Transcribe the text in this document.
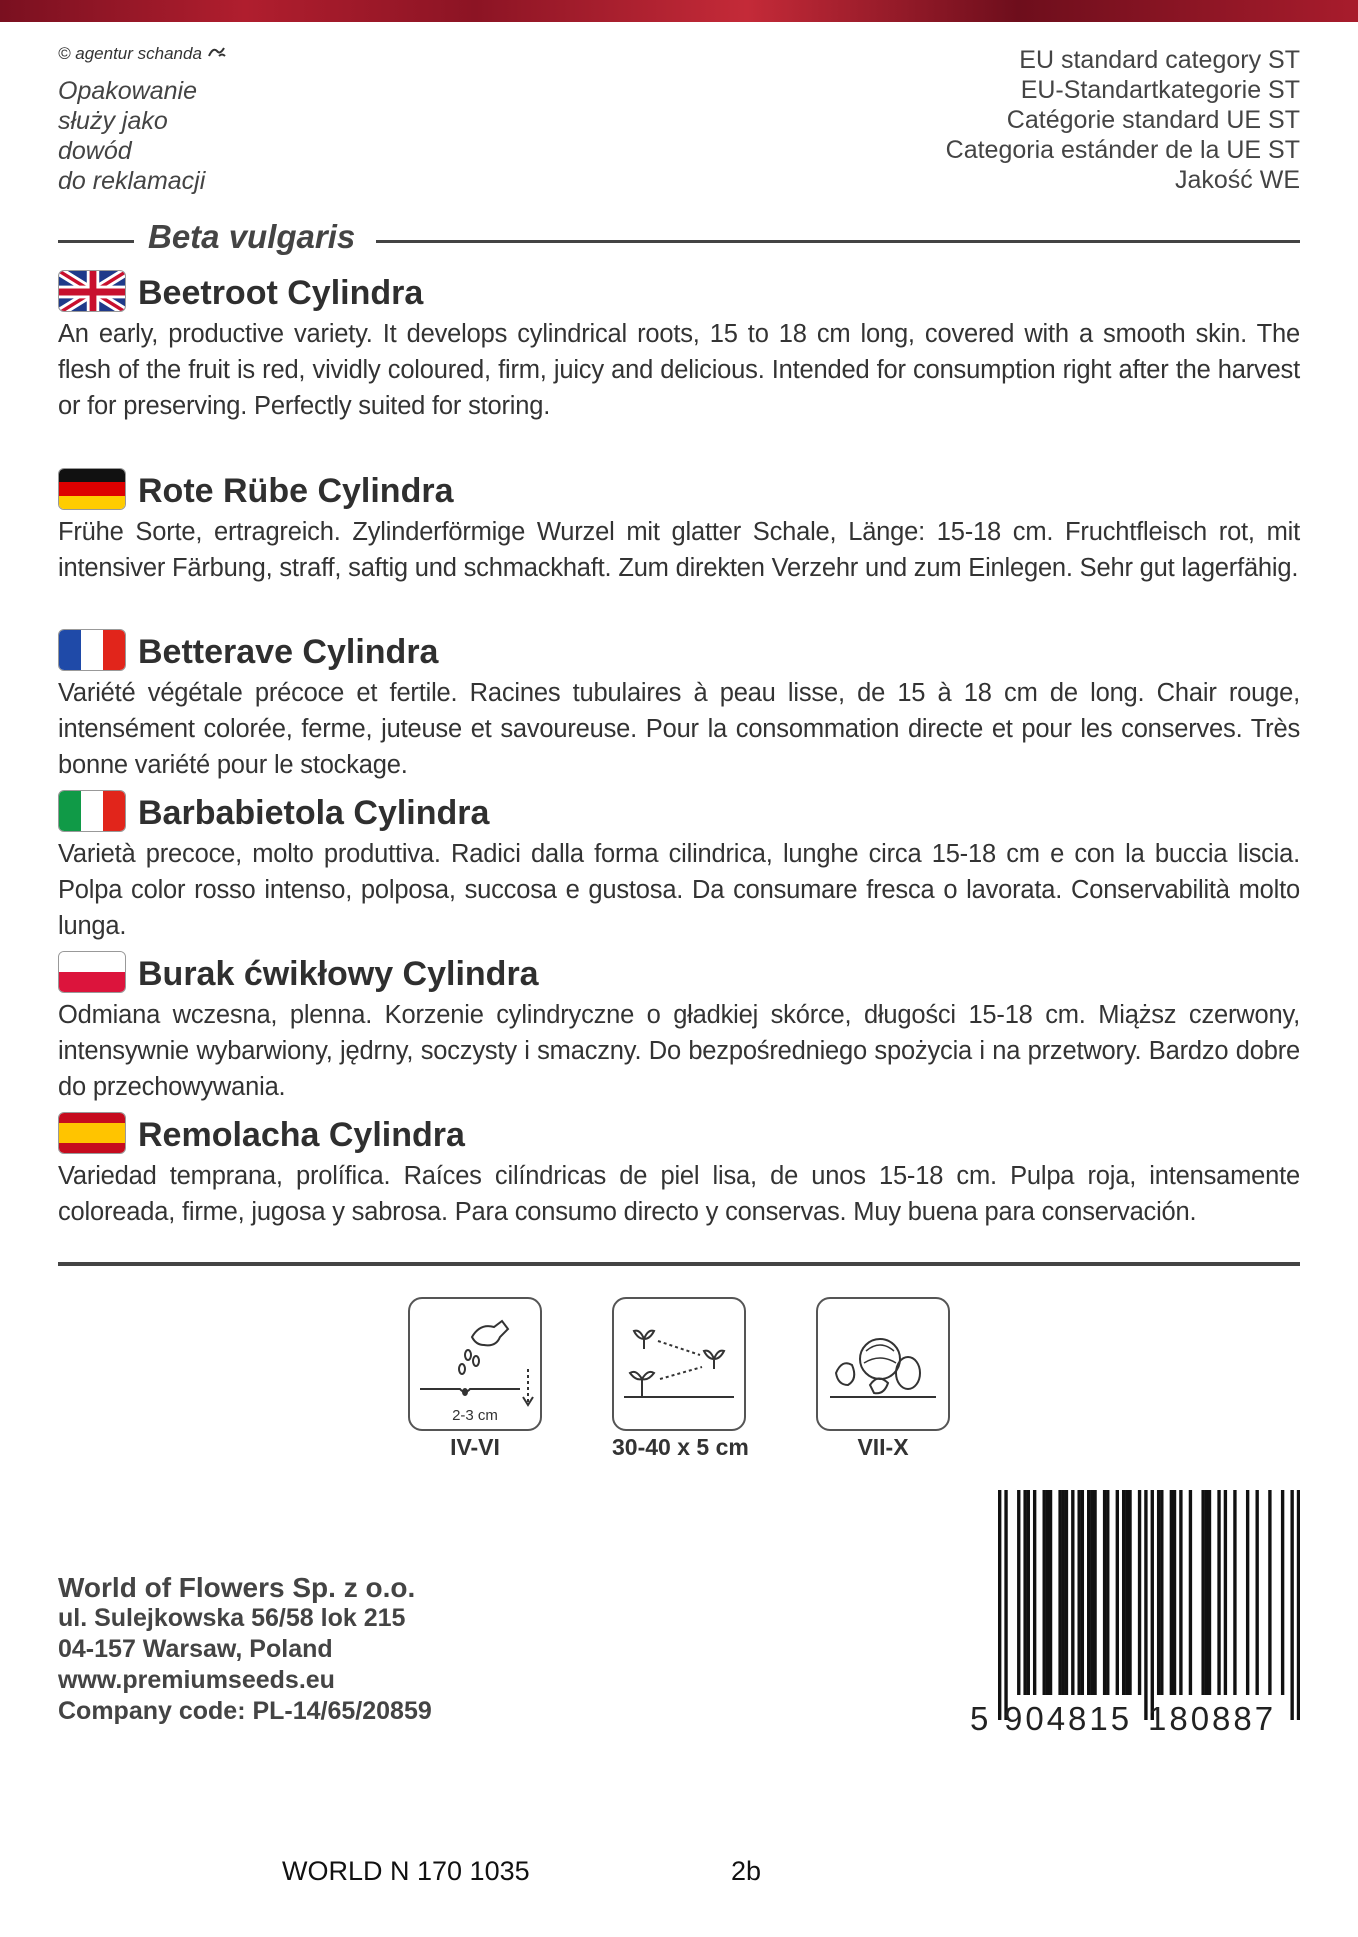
© agentur schanda
Opakowanie
służy jako
dowód
do reklamacji
EU standard category ST
EU-Standartkategorie ST
Catégorie standard UE ST
Categoria estánder de la UE ST
Jakość WE
Beta vulgaris
Beetroot Cylindra
An early, productive variety. It develops cylindrical roots, 15 to 18 cm long, covered with a smooth skin. The flesh of the fruit is red, vividly coloured, firm, juicy and delicious. Intended for consumption right after the harvest or for preserving. Perfectly suited for storing.
Rote Rübe Cylindra
Frühe Sorte, ertragreich. Zylinderförmige Wurzel mit glatter Schale, Länge: 15-18 cm. Fruchtfleisch rot, mit intensiver Färbung, straff, saftig und schmackhaft. Zum direkten Verzehr und zum Einlegen. Sehr gut lagerfähig.
Betterave Cylindra
Variété végétale précoce et fertile. Racines tubulaires à peau lisse, de 15 à 18 cm de long. Chair rouge, intensément colorée, ferme, juteuse et savoureuse. Pour la consommation directe et pour les conserves. Très bonne variété pour le stockage.
Barbabietola Cylindra
Varietà precoce, molto produttiva. Radici dalla forma cilindrica, lunghe circa 15-18 cm e con la buccia liscia. Polpa color rosso intenso, polposa, succosa e gustosa. Da consumare fresca o lavorata. Conservabilità molto lunga.
Burak ćwikłowy Cylindra
Odmiana wczesna, plenna. Korzenie cylindryczne o gładkiej skórce, długości 15-18 cm. Miąższ czerwony, intensywnie wybarwiony, jędrny, soczysty i smaczny. Do bezpośredniego spożycia i na przetwory. Bardzo dobre do przechowywania.
Remolacha Cylindra
Variedad temprana, prolífica. Raíces cilíndricas de piel lisa, de unos 15-18 cm. Pulpa roja, intensamente coloreada, firme, jugosa y sabrosa. Para consumo directo y conservas. Muy buena para conservación.
2-3 cm
IV-VI	30-40 x 5 cm	VII-X
World of Flowers Sp. z o.o.
ul. Sulejkowska 56/58 lok 215
04-157 Warsaw, Poland
www.premiumseeds.eu
Company code: PL-14/65/20859	5 904815 180887
WORLD N 170 1035	2b
